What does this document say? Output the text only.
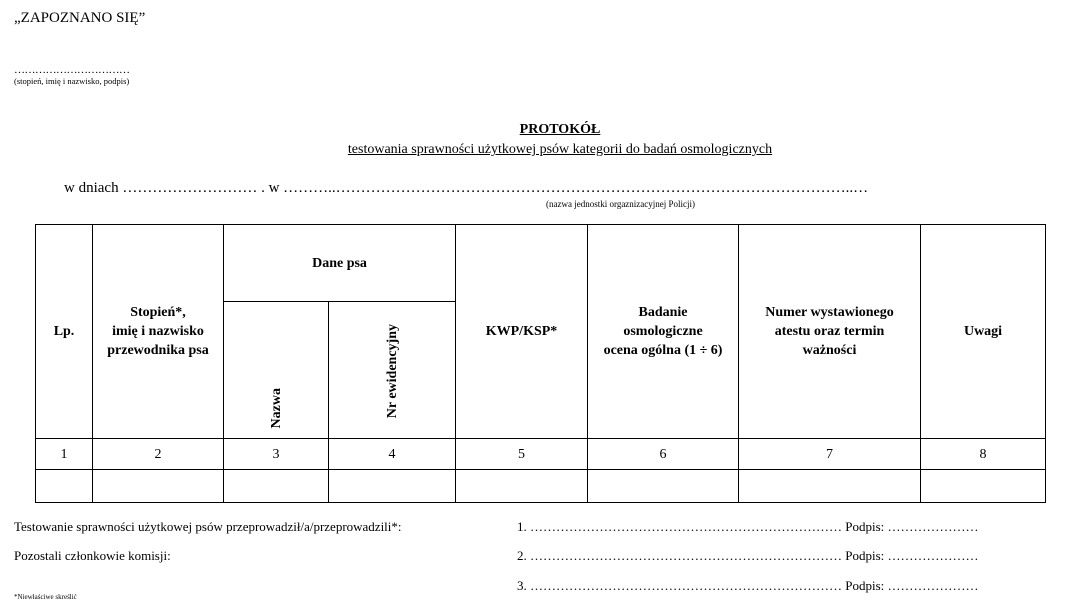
„ZAPOZNANO SIĘ”
……………………………
(stopień, imię i nazwisko, podpis)
PROTOKÓŁ
testowania sprawności użytkowej psów kategorii do badań osmologicznych
w dniach ……………………… . w ………..…………………………………………………………………………………………..…
(nazwa jednostki orgaznizacyjnej Policji)
Lp.	Stopień*,
imię i nazwisko
przewodnika psa	Dane psa		KWP/KSP*	Badanie
osmologiczne
ocena ogólna (1 ÷ 6)	Numer wystawionego
atestu oraz termin
ważności	Uwagi
		Nazwa	Nr ewidencyjny				
1	2	3	4	5	6	7	8

Testowanie sprawności użytkowej psów przeprowadził/a/przeprowadzili*:
Pozostali członkowie komisji:
1. ……………………………………………………………… Podpis: …………………
2. ……………………………………………………………… Podpis: …………………
3. ……………………………………………………………… Podpis: …………………
*Niewłaściwe skreślić
